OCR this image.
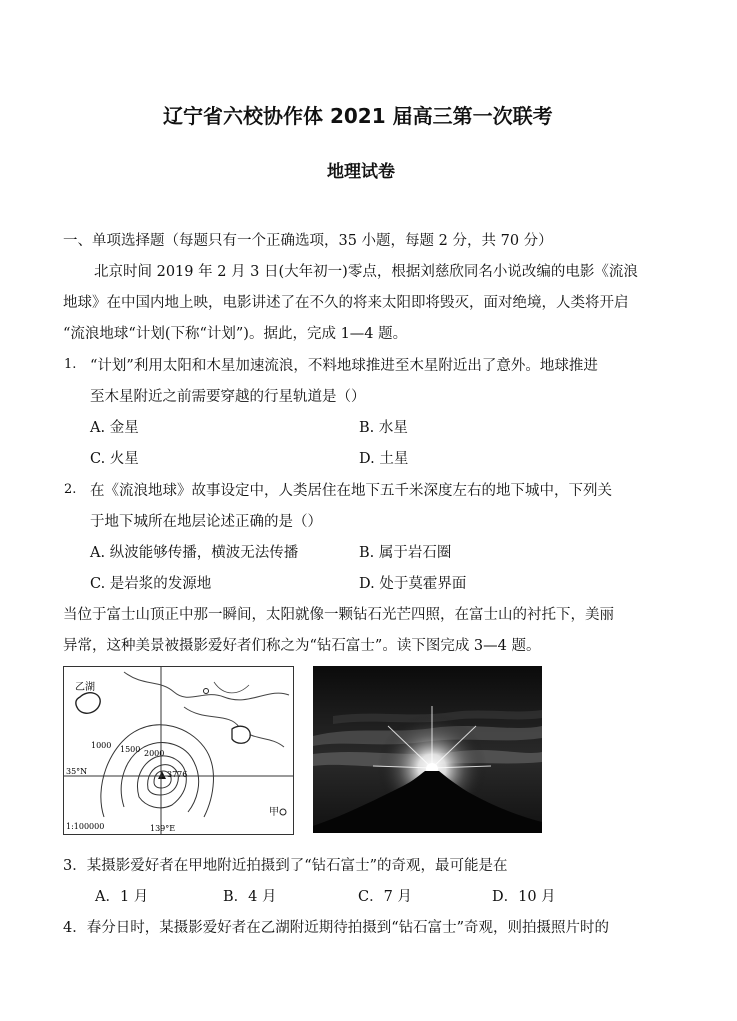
辽宁省六校协作体 2021 届高三第一次联考
地理试卷
一、单项选择题（每题只有一个正确选项，35 小题，每题 2 分，共 70 分）
北京时间 2019 年 2 月 3 日(大年初一)零点，根据刘慈欣同名小说改编的电影《流浪
地球》在中国内地上映，电影讲述了在不久的将来太阳即将毁灭，面对绝境，人类将开启
“流浪地球“计划(下称“计划”)。据此，完成 1—4 题。
1. “计划”利用太阳和木星加速流浪，不料地球推进至木星附近出了意外。地球推进
至木星附近之前需要穿越的行星轨道是（）
A. 金星	B. 水星
C. 火星	D. 土星
2. 在《流浪地球》故事设定中，人类居住在地下五千米深度左右的地下城中，下列关
于地下城所在地层论述正确的是（）
A. 纵波能够传播，横波无法传播	B. 属于岩石圈
C. 是岩浆的发源地	D. 处于莫霍界面
当位于富士山顶正中那一瞬间，太阳就像一颗钻石光芒四照，在富士山的衬托下，美丽
异常，这种美景被摄影爱好者们称之为“钻石富士”。读下图完成 3—4 题。
乙湖
1000 1500 2000
3776
35°N
139°E
甲
1:100000
3．某摄影爱好者在甲地附近拍摄到了“钻石富士”的奇观，最可能是在
A．1 月	B．4 月	C．7 月	D．10 月
4．春分日时，某摄影爱好者在乙湖附近期待拍摄到“钻石富士”奇观，则拍摄照片时的
